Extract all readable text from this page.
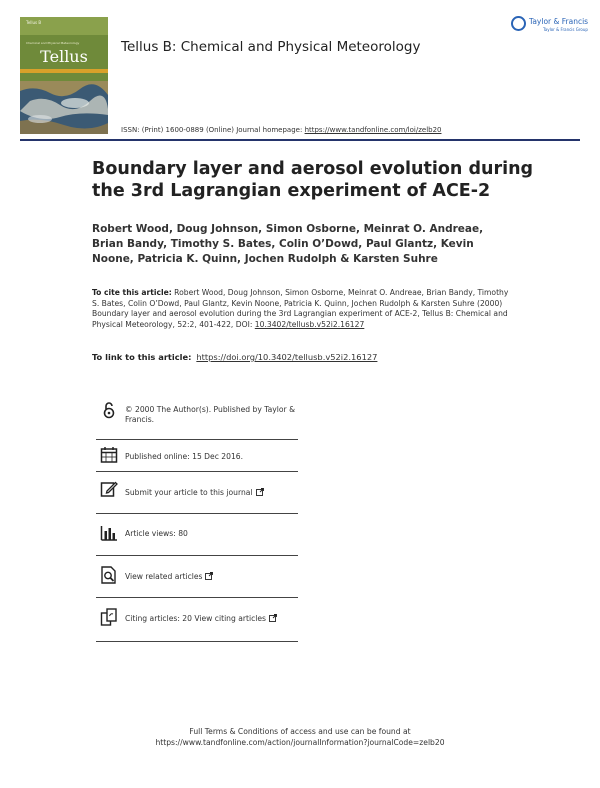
Tellus B
Chemical and Physical Meteorology
Tellus	Tellus B: Chemical and Physical Meteorology
Taylor & Francis
Taylor & Francis Group
ISSN: (Print) 1600-0889 (Online) Journal homepage: https://www.tandfonline.com/loi/zelb20
Boundary layer and aerosol evolution during the 3rd Lagrangian experiment of ACE-2
Robert Wood, Doug Johnson, Simon Osborne, Meinrat O. Andreae, Brian Bandy, Timothy S. Bates, Colin O’Dowd, Paul Glantz, Kevin Noone, Patricia K. Quinn, Jochen Rudolph & Karsten Suhre
To cite this article: Robert Wood, Doug Johnson, Simon Osborne, Meinrat O. Andreae, Brian Bandy, Timothy S. Bates, Colin O’Dowd, Paul Glantz, Kevin Noone, Patricia K. Quinn, Jochen Rudolph & Karsten Suhre (2000) Boundary layer and aerosol evolution during the 3rd Lagrangian experiment of ACE-2, Tellus B: Chemical and Physical Meteorology, 52:2, 401-422, DOI: 10.3402/tellusb.v52i2.16127
To link to this article: https://doi.org/10.3402/tellusb.v52i2.16127
© 2000 The Author(s). Published by Taylor & Francis.
Published online: 15 Dec 2016.
Submit your article to this journal
Article views: 80
View related articles
Citing articles: 20 View citing articles
Full Terms & Conditions of access and use can be found at
https://www.tandfonline.com/action/journalInformation?journalCode=zelb20
